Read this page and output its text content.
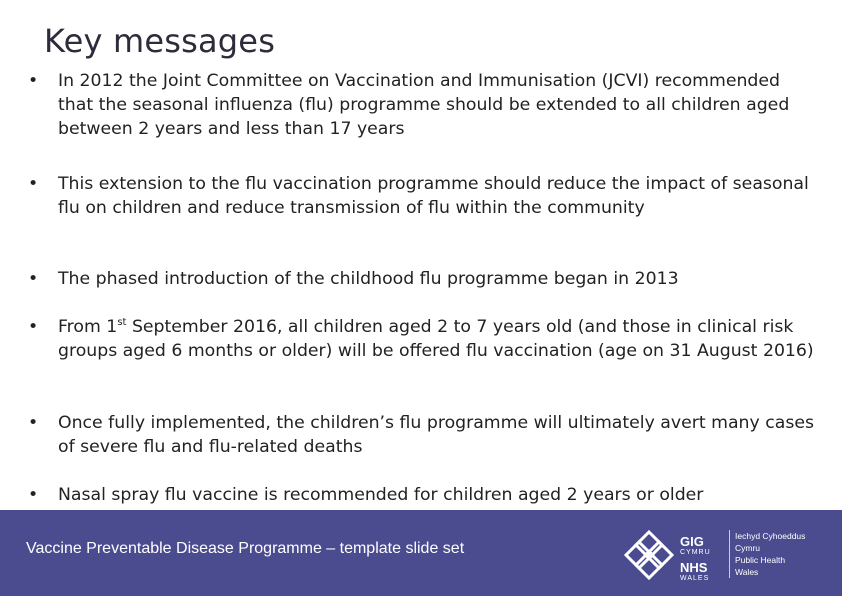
Key messages
•	In 2012 the Joint Committee on Vaccination and Immunisation (JCVI) recommended that the seasonal influenza (flu) programme should be extended to all children aged between 2 years and less than 17 years
•	This extension to the flu vaccination programme should reduce the impact of seasonal flu on children and reduce transmission of flu within the community
•	The phased introduction of the childhood flu programme began in 2013
•	From 1st September 2016, all children aged 2 to 7 years old (and those in clinical risk groups aged 6 months or older) will be offered flu vaccination (age on 31 August 2016)
•	Once fully implemented, the children’s flu programme will ultimately avert many cases of severe flu and flu-related deaths
•	Nasal spray flu vaccine is recommended for children aged 2 years or older
Vaccine Preventable Disease Programme – template slide set	GIG
CYMRU
NHS
WALES
Iechyd Cyhoeddus
Cymru
Public Health
Wales
